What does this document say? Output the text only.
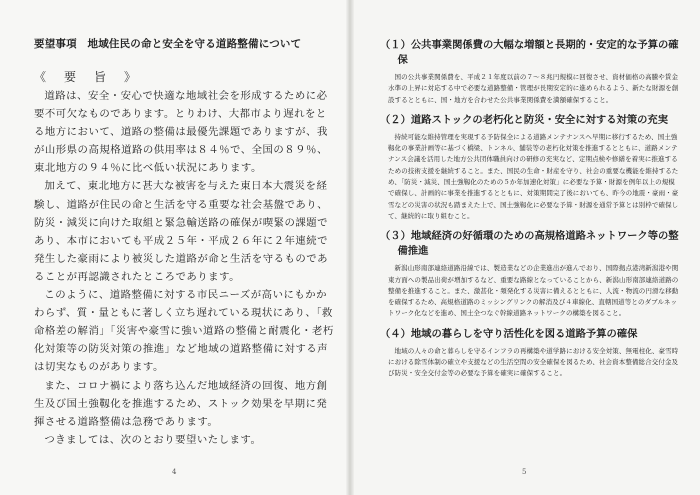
要望事項　地域住民の命と安全を守る道路整備について
《　要　旨　》

道路は、安全・安心で快適な地域社会を形成するために必要不可欠なものであります。とりわけ、大都市より遅れをとる地方において、道路の整備は最優先課題でありますが、我が山形県の高規格道路の供用率は８４％で、全国の８９％、東北地方の９４％に比べ低い状況にあります。

加えて、東北地方に甚大な被害を与えた東日本大震災を経験し、道路が住民の命と生活を守る重要な社会基盤であり、防災・減災に向けた取組と緊急輸送路の確保が喫緊の課題であり、本市においても平成２５年・平成２６年に２年連続で発生した豪雨により被災した道路が命と生活を守るものであることが再認識されたところであります。

このように、道路整備に対する市民ニーズが高いにもかかわらず、質・量ともに著しく立ち遅れている現状にあり、「救命格差の解消」「災害や豪雪に強い道路の整備と耐震化・老朽化対策等の防災対策の推進」など地域の道路整備に対する声は切実なものがあります。

また、コロナ禍により落ち込んだ地域経済の回復、地方創生及び国土強靱化を推進するため、ストック効果を早期に発揮させる道路整備は急務であります。

つきましては、次のとおり要望いたします。

4	5

（１）公共事業関係費の大幅な増額と長期的・安定的な予算の確保

国の公共事業関係費を、平成２１年度以前の７～８兆円規模に回復させ、資材価格の高騰や賃金水準の上昇に対応する中で必要な道路整備・管理が長期安定的に進められるよう、新たな財源を創設するとともに、国・地方を合わせた公共事業関係費を満額確保すること。

（２）道路ストックの老朽化と防災・安全に対する対策の充実

持続可能な維持管理を実現する予防保全による道路メンテナンスへ早期に移行するため、国土強靱化の事業計画等に基づく橋梁、トンネル、舗装等の老朽化対策を推進するとともに、道路メンテナンス会議を活用した地方公共団体職員向けの研修の充実など、定期点検や修繕を着実に推進するための技術支援を継続すること。また、国民の生命・財産を守り、社会の重要な機能を維持するため、「防災・減災、国土強靱化のための５か年加速化対策」に必要な予算・財源を例年以上の規模で確保し、計画的に事業を推進するとともに、対策期間完了後においても、昨今の地震・豪雨・豪雪などの災害の状況も踏まえた上で、国土強靱化に必要な予算・財源を通常予算とは別枠で確保して、継続的に取り組むこと。

（３）地域経済の好循環のための高規格道路ネットワーク等の整備推進

新潟山形南部連絡道路沿線では、製造業などの企業進出が進んでおり、国際拠点港湾新潟港や関東方面への製品出荷が増加するなど、重要な路線となっていることから、新潟山形南部連絡道路の整備を推進すること。また、激甚化・頻発化する災害に備えるとともに、人流・物流の円滑な移動を確保するため、高規格道路のミッシングリンクの解消及び４車線化、直轄国道等とのダブルネットワーク化などを進め、国土全つなぐ幹線道路ネットワークの構築を図ること。

（４）地域の暮らしを守り活性化を図る道路予算の確保

地域の人々の命と暮らしを守るインフラの再構築や道学路における安全対策、無電柱化、豪雪時における除雪体制の確立や支援などの生活空間の安全確保を図るため、社会資本整備総合交付金及び防災・安全交付金等の必要な予算を確実に確保すること。
